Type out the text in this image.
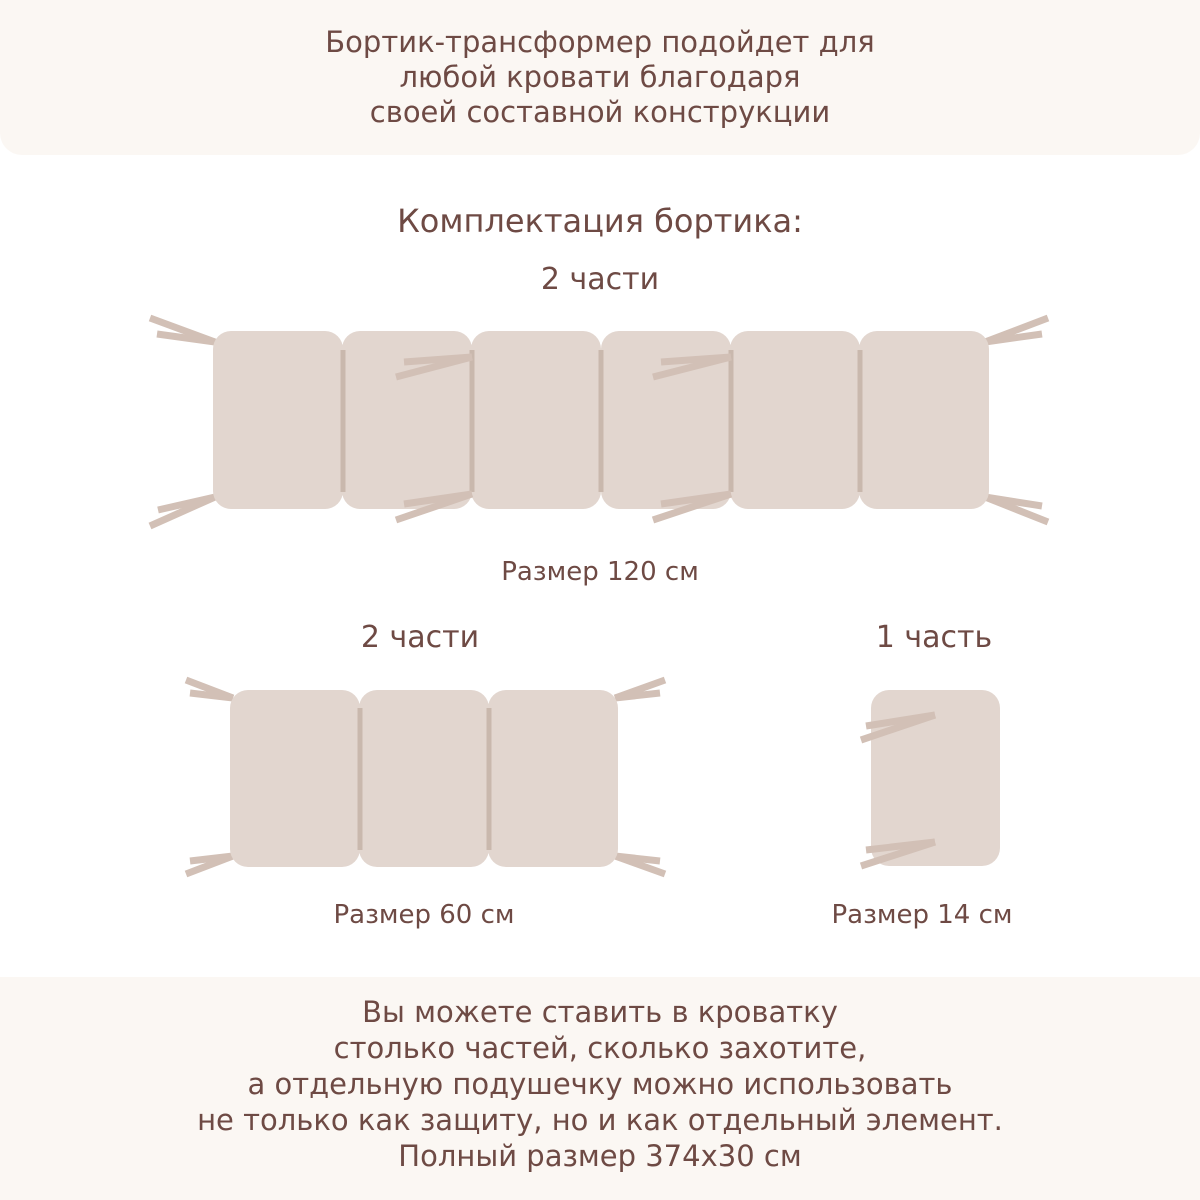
Бортик-трансформер подойдет для
любой кровати благодаря
своей составной конструкции
Комплектация бортика:
2 части
Размер 120 см
2 части	1 часть
Размер 60 см	Размер 14 см
Вы можете ставить в кроватку
столько частей, сколько захотите,
а отдельную подушечку можно использовать
не только как защиту, но и как отдельный элемент.
Полный размер 374x30 см
